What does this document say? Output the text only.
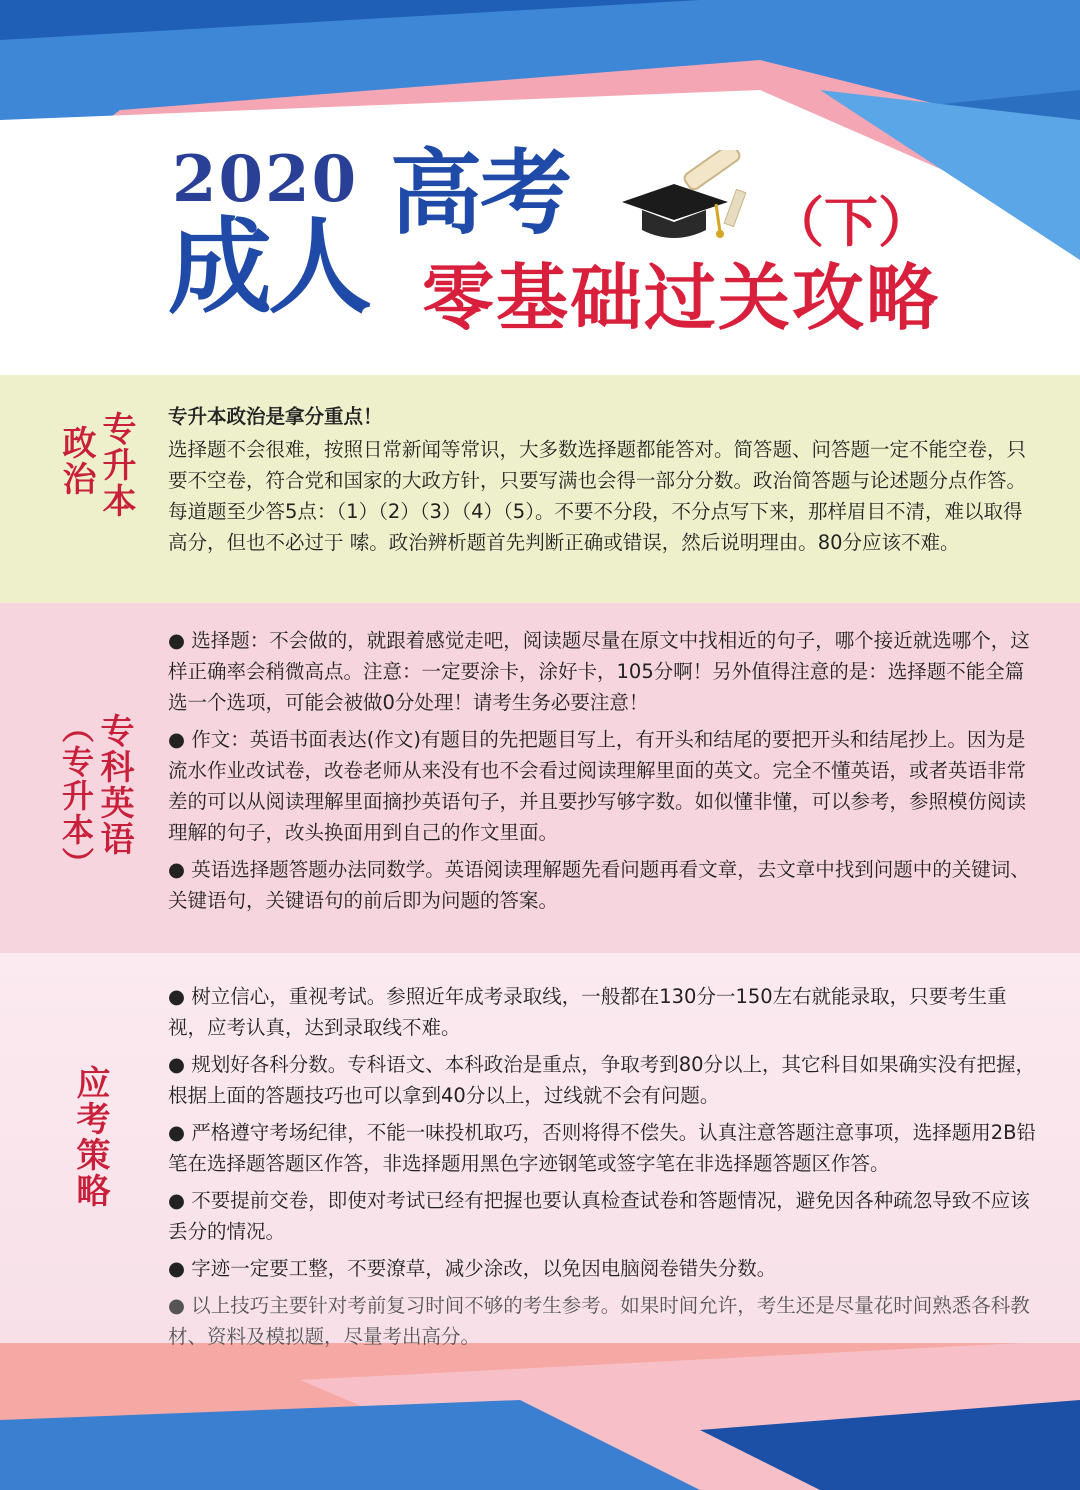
2020
成人
高考	（下）
零基础过关攻略
政治 专升本 专升本政治是拿分重点！

选择题不会很难，按照日常新闻等常识，大多数选择题都能答对。简答题、问答题一定不能空卷，只要不空卷，符合党和国家的大政方针，只要写满也会得一部分分数。政治简答题与论述题分点作答。每道题至少答5点：（1）（2）（3）（4）（5）。不要不分段，不分点写下来，那样眉目不清，难以取得高分，但也不必过于 嗦。政治辨析题首先判断正确或错误，然后说明理由。80分应该不难。

（专升本） 专科英语

● 选择题：不会做的，就跟着感觉走吧，阅读题尽量在原文中找相近的句子，哪个接近就选哪个，这样正确率会稍微高点。注意：一定要涂卡，涂好卡，105分啊！另外值得注意的是：选择题不能全篇选一个选项，可能会被做0分处理！请考生务必要注意！

● 作文：英语书面表达(作文)有题目的先把题目写上，有开头和结尾的要把开头和结尾抄上。因为是流水作业改试卷，改卷老师从来没有也不会看过阅读理解里面的英文。完全不懂英语，或者英语非常差的可以从阅读理解里面摘抄英语句子，并且要抄写够字数。如似懂非懂，可以参考，参照模仿阅读理解的句子，改头换面用到自己的作文里面。

● 英语选择题答题办法同数学。英语阅读理解题先看问题再看文章，去文章中找到问题中的关键词、关键语句，关键语句的前后即为问题的答案。

应考策略

● 树立信心，重视考试。参照近年成考录取线，一般都在130分一150左右就能录取，只要考生重视，应考认真，达到录取线不难。

● 规划好各科分数。专科语文、本科政治是重点，争取考到80分以上，其它科目如果确实没有把握，根据上面的答题技巧也可以拿到40分以上，过线就不会有问题。

● 严格遵守考场纪律，不能一味投机取巧，否则将得不偿失。认真注意答题注意事项，选择题用2B铅笔在选择题答题区作答，非选择题用黑色字迹钢笔或签字笔在非选择题答题区作答。

● 不要提前交卷，即使对考试已经有把握也要认真检查试卷和答题情况，避免因各种疏忽导致不应该丢分的情况。

● 字迹一定要工整，不要潦草，减少涂改，以免因电脑阅卷错失分数。

● 以上技巧主要针对考前复习时间不够的考生参考。如果时间允许，考生还是尽量花时间熟悉各科教材、资料及模拟题，尽量考出高分。
